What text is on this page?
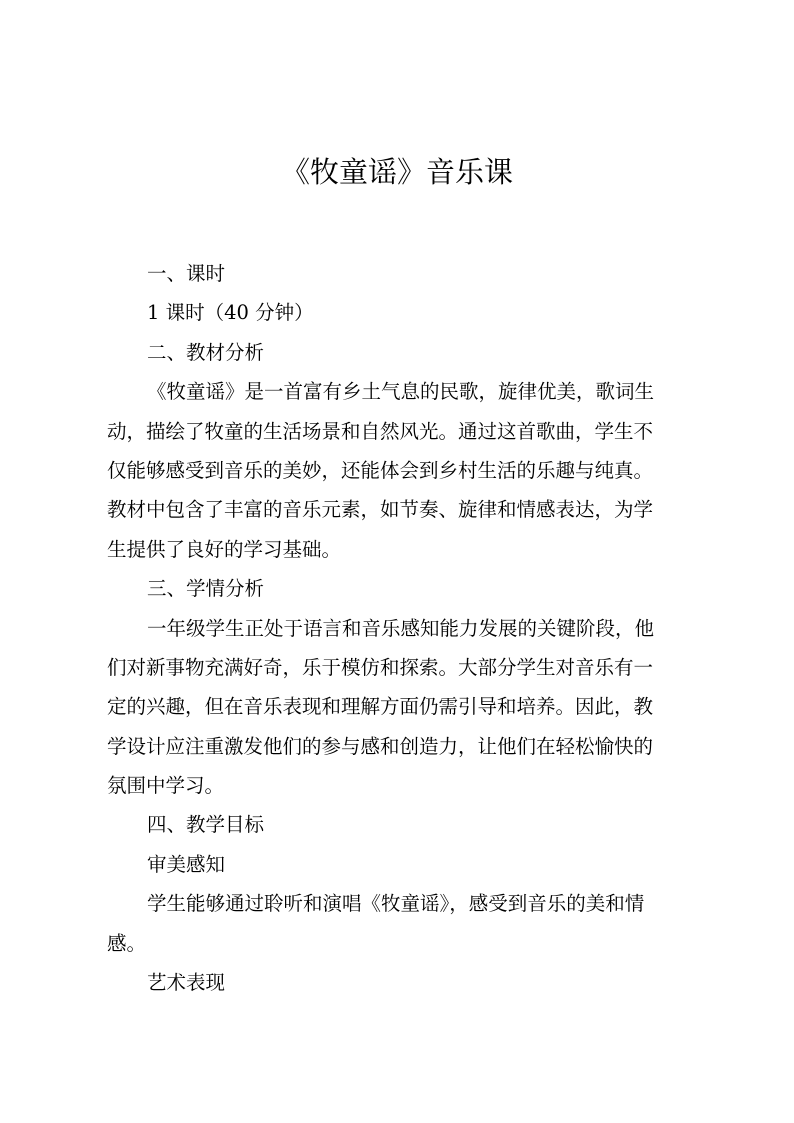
《牧童谣》音乐课
一、课时

1 课时（40 分钟）

二、教材分析

《牧童谣》是一首富有乡土气息的民歌，旋律优美，歌词生

动，描绘了牧童的生活场景和自然风光。通过这首歌曲，学生不

仅能够感受到音乐的美妙，还能体会到乡村生活的乐趣与纯真。

教材中包含了丰富的音乐元素，如节奏、旋律和情感表达，为学

生提供了良好的学习基础。

三、学情分析

一年级学生正处于语言和音乐感知能力发展的关键阶段，他

们对新事物充满好奇，乐于模仿和探索。大部分学生对音乐有一

定的兴趣，但在音乐表现和理解方面仍需引导和培养。因此，教

学设计应注重激发他们的参与感和创造力，让他们在轻松愉快的

氛围中学习。

四、教学目标

审美感知

学生能够通过聆听和演唱《牧童谣》，感受到音乐的美和情

感。

艺术表现
